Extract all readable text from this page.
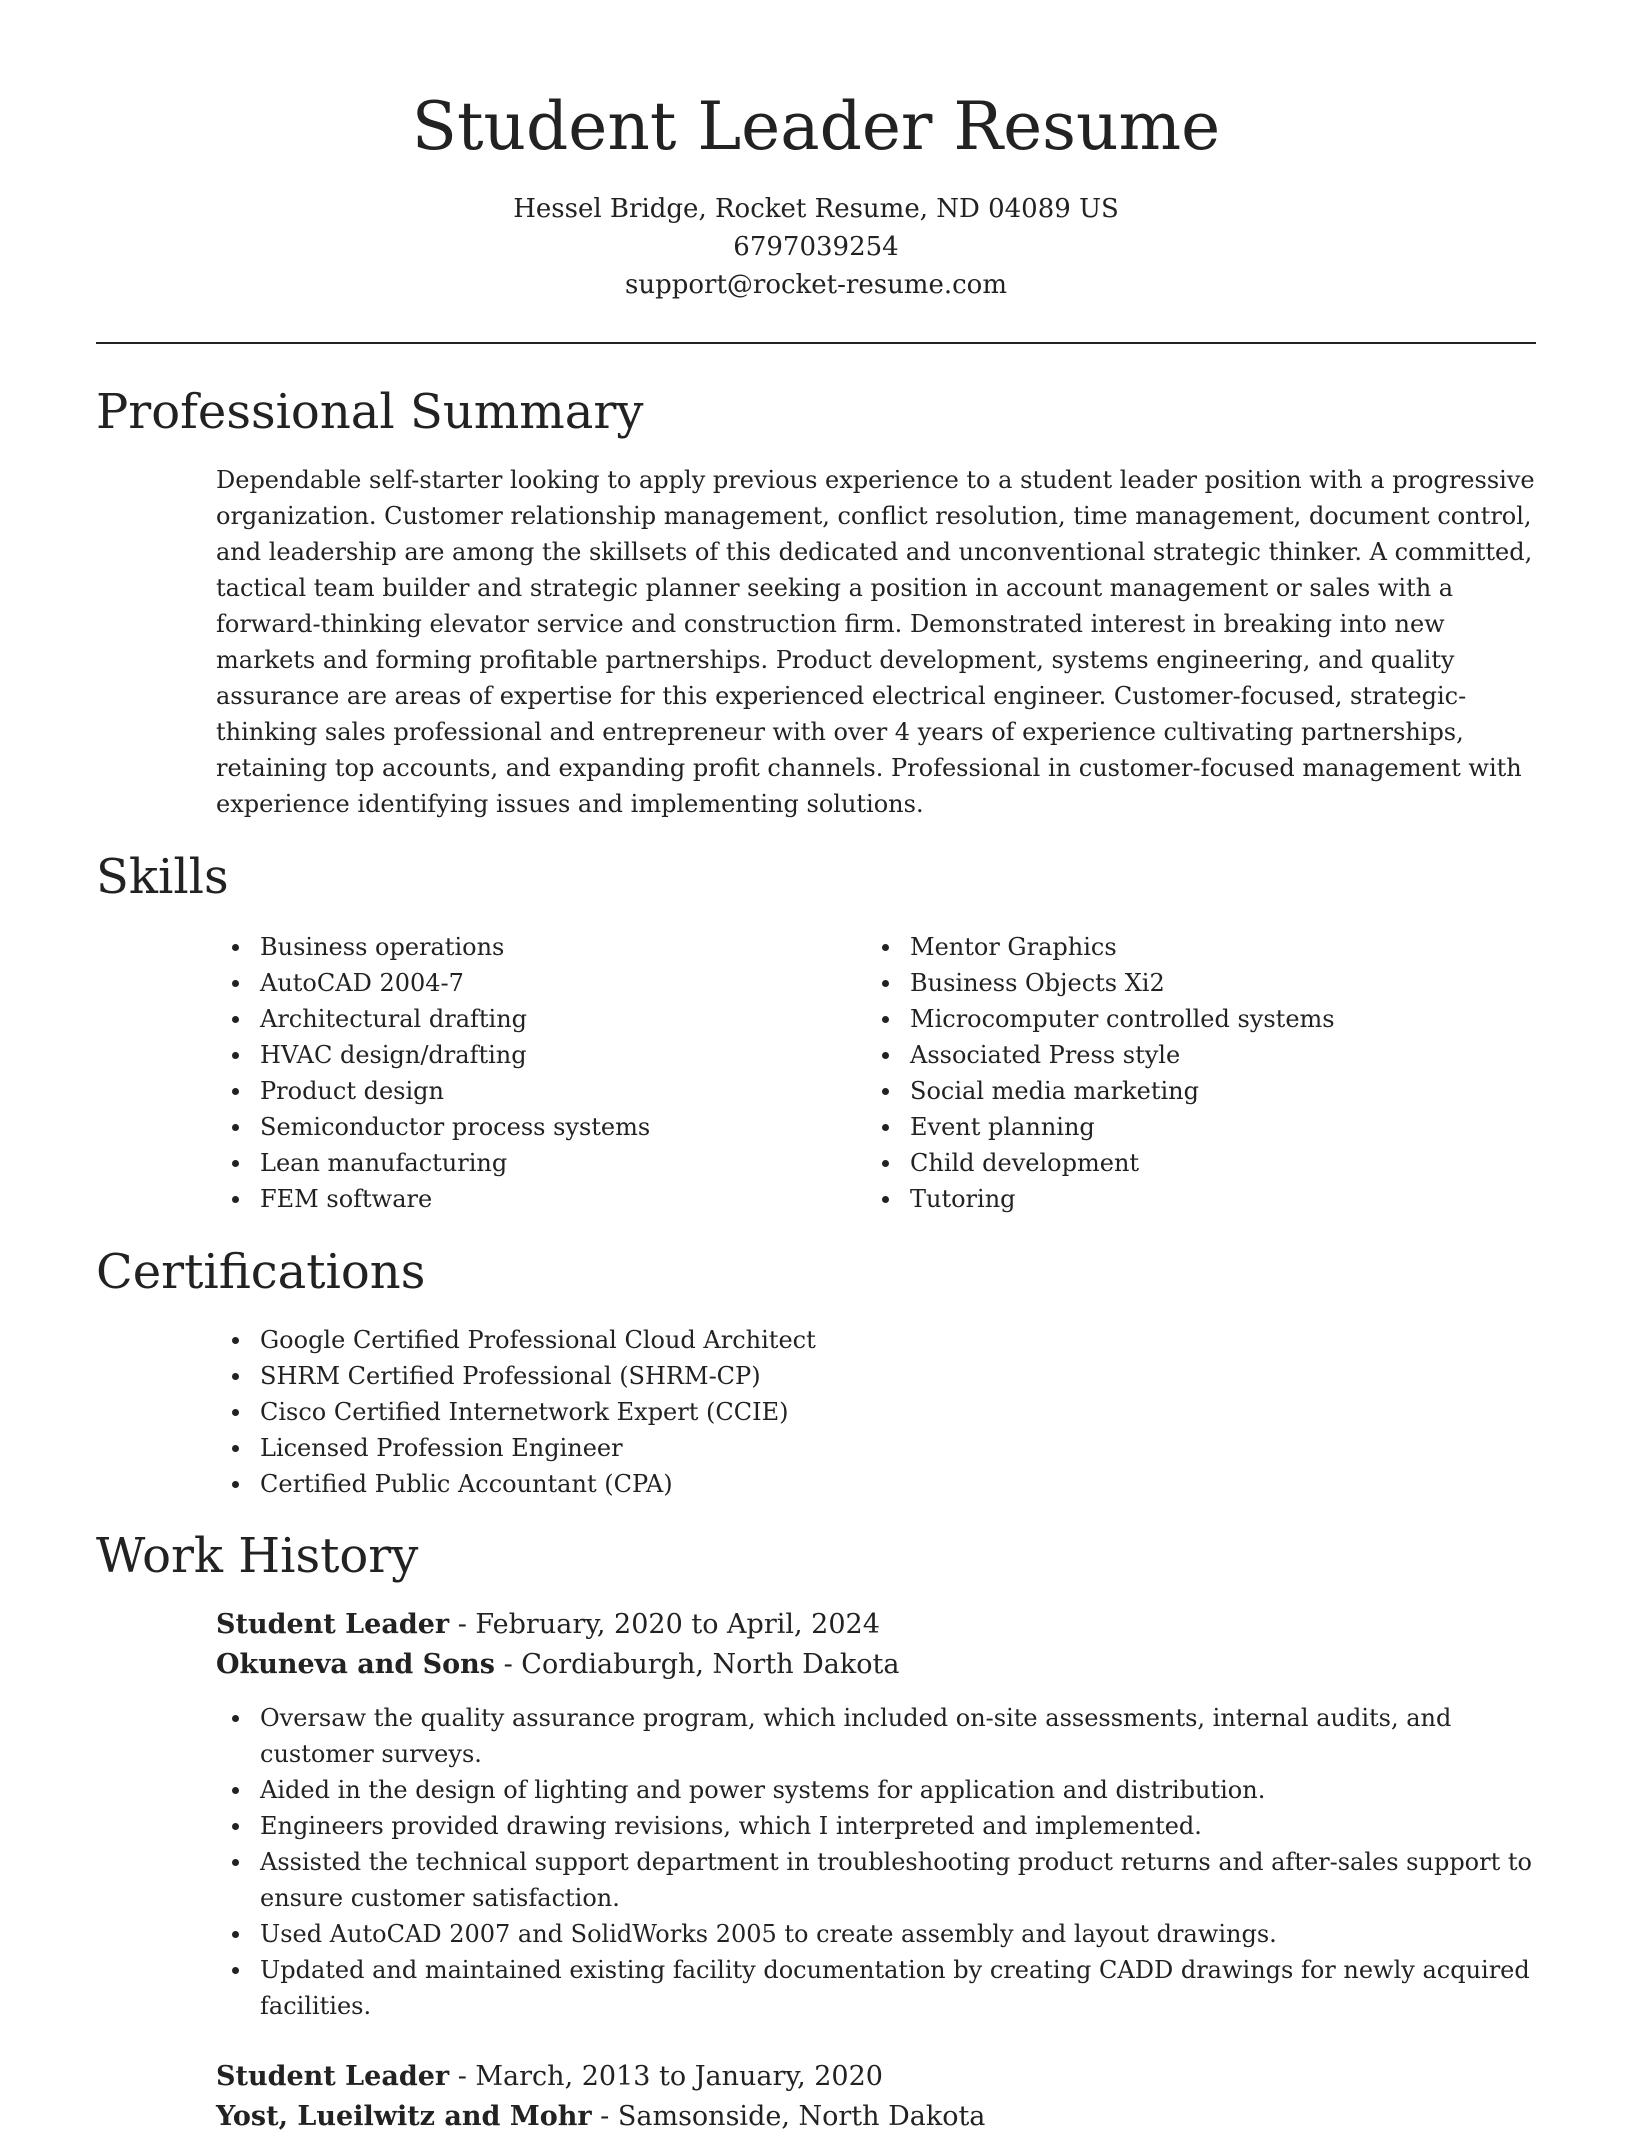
Student Leader Resume
Hessel Bridge, Rocket Resume, ND 04089 US
6797039254
support@rocket-resume.com
Professional Summary

Dependable self-starter looking to apply previous experience to a student leader position with a progressive organization. Customer relationship management, conflict resolution, time management, document control, and leadership are among the skillsets of this dedicated and unconventional strategic thinker. A committed, tactical team builder and strategic planner seeking a position in account management or sales with a forward-thinking elevator service and construction firm. Demonstrated interest in breaking into new markets and forming profitable partnerships. Product development, systems engineering, and quality assurance are areas of expertise for this experienced electrical engineer. Customer-focused, strategic-thinking sales professional and entrepreneur with over 4 years of experience cultivating partnerships, retaining top accounts, and expanding profit channels. Professional in customer-focused management with experience identifying issues and implementing solutions.

Skills
Business operations
AutoCAD 2004-7
Architectural drafting
HVAC design/drafting
Product design
Semiconductor process systems
Lean manufacturing
FEM software
Mentor Graphics
Business Objects Xi2
Microcomputer controlled systems
Associated Press style
Social media marketing
Event planning
Child development
Tutoring
Certifications
Google Certified Professional Cloud Architect
SHRM Certified Professional (SHRM-CP)
Cisco Certified Internetwork Expert (CCIE)
Licensed Profession Engineer
Certified Public Accountant (CPA)
Work History
Student Leader - February, 2020 to April, 2024
Okuneva and Sons - Cordiaburgh, North Dakota
Oversaw the quality assurance program, which included on-site assessments, internal audits, and customer surveys.
Aided in the design of lighting and power systems for application and distribution.
Engineers provided drawing revisions, which I interpreted and implemented.
Assisted the technical support department in troubleshooting product returns and after-sales support to ensure customer satisfaction.
Used AutoCAD 2007 and SolidWorks 2005 to create assembly and layout drawings.
Updated and maintained existing facility documentation by creating CADD drawings for newly acquired facilities.
Student Leader - March, 2013 to January, 2020
Yost, Lueilwitz and Mohr - Samsonside, North Dakota
